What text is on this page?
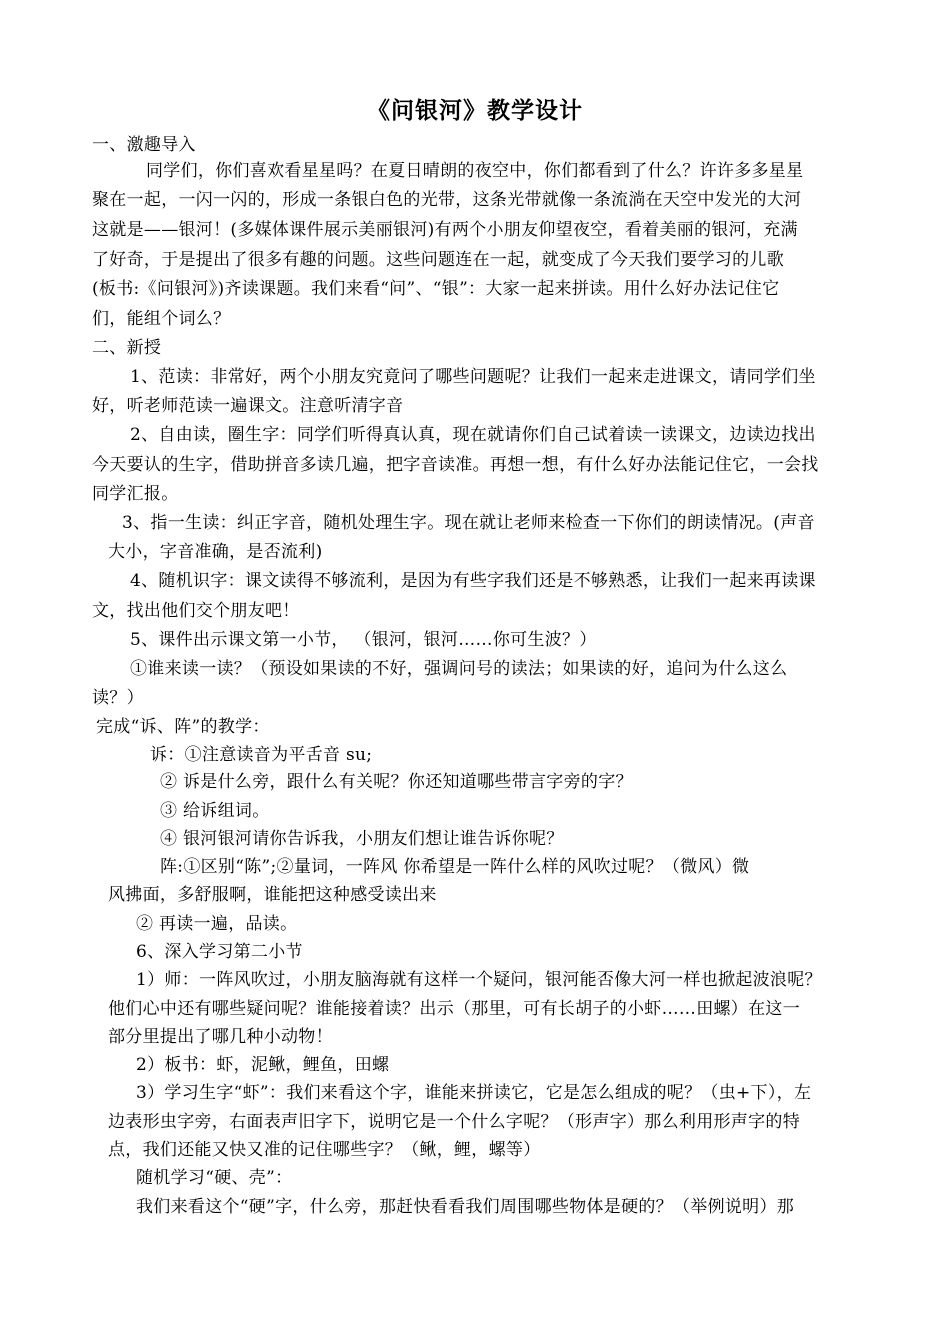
《问银河》教学设计
一、激趣导入
同学们，你们喜欢看星星吗？在夏日晴朗的夜空中，你们都看到了什么？许许多多星星
聚在一起，一闪一闪的，形成一条银白色的光带，这条光带就像一条流淌在天空中发光的大河
这就是——银河！(多媒体课件展示美丽银河)有两个小朋友仰望夜空，看着美丽的银河，充满
了好奇，于是提出了很多有趣的问题。这些问题连在一起，就变成了今天我们要学习的儿歌
(板书:《问银河》)齐读课题。我们来看“问”、“银”：大家一起来拼读。用什么好办法记住它
们，能组个词么？
二、新授
1、范读：非常好，两个小朋友究竟问了哪些问题呢？让我们一起来走进课文，请同学们坐
好，听老师范读一遍课文。注意听清字音
2、自由读，圈生字：同学们听得真认真，现在就请你们自己试着读一读课文，边读边找出
今天要认的生字，借助拼音多读几遍，把字音读准。再想一想，有什么好办法能记住它，一会找
同学汇报。
3、指一生读：纠正字音，随机处理生字。现在就让老师来检查一下你们的朗读情况。(声音
大小，字音准确，是否流利)
4、随机识字：课文读得不够流利，是因为有些字我们还是不够熟悉，让我们一起来再读课
文，找出他们交个朋友吧！
5、课件出示课文第一小节， （银河，银河……你可生波？）
①谁来读一读？（预设如果读的不好，强调问号的读法；如果读的好，追问为什么这么
读？）
完成“诉、阵”的教学：
诉：①注意读音为平舌音 su;
② 诉是什么旁，跟什么有关呢？你还知道哪些带言字旁的字？
③ 给诉组词。
④ 银河银河请你告诉我，小朋友们想让谁告诉你呢？
阵:①区别“陈”;②量词，一阵风 你希望是一阵什么样的风吹过呢？（微风）微
风拂面，多舒服啊，谁能把这种感受读出来
② 再读一遍，品读。
6、深入学习第二小节
1）师：一阵风吹过，小朋友脑海就有这样一个疑问，银河能否像大河一样也掀起波浪呢？
他们心中还有哪些疑问呢？谁能接着读？出示（那里，可有长胡子的小虾……田螺）在这一
部分里提出了哪几种小动物！
2）板书：虾，泥鳅，鲤鱼，田螺
3）学习生字“虾”：我们来看这个字，谁能来拼读它，它是怎么组成的呢？（虫+下），左
边表形虫字旁，右面表声旧字下，说明它是一个什么字呢？（形声字）那么利用形声字的特
点，我们还能又快又准的记住哪些字？（鳅，鲤，螺等）
随机学习“硬、壳”：
我们来看这个“硬”字，什么旁，那赶快看看我们周围哪些物体是硬的？（举例说明）那
